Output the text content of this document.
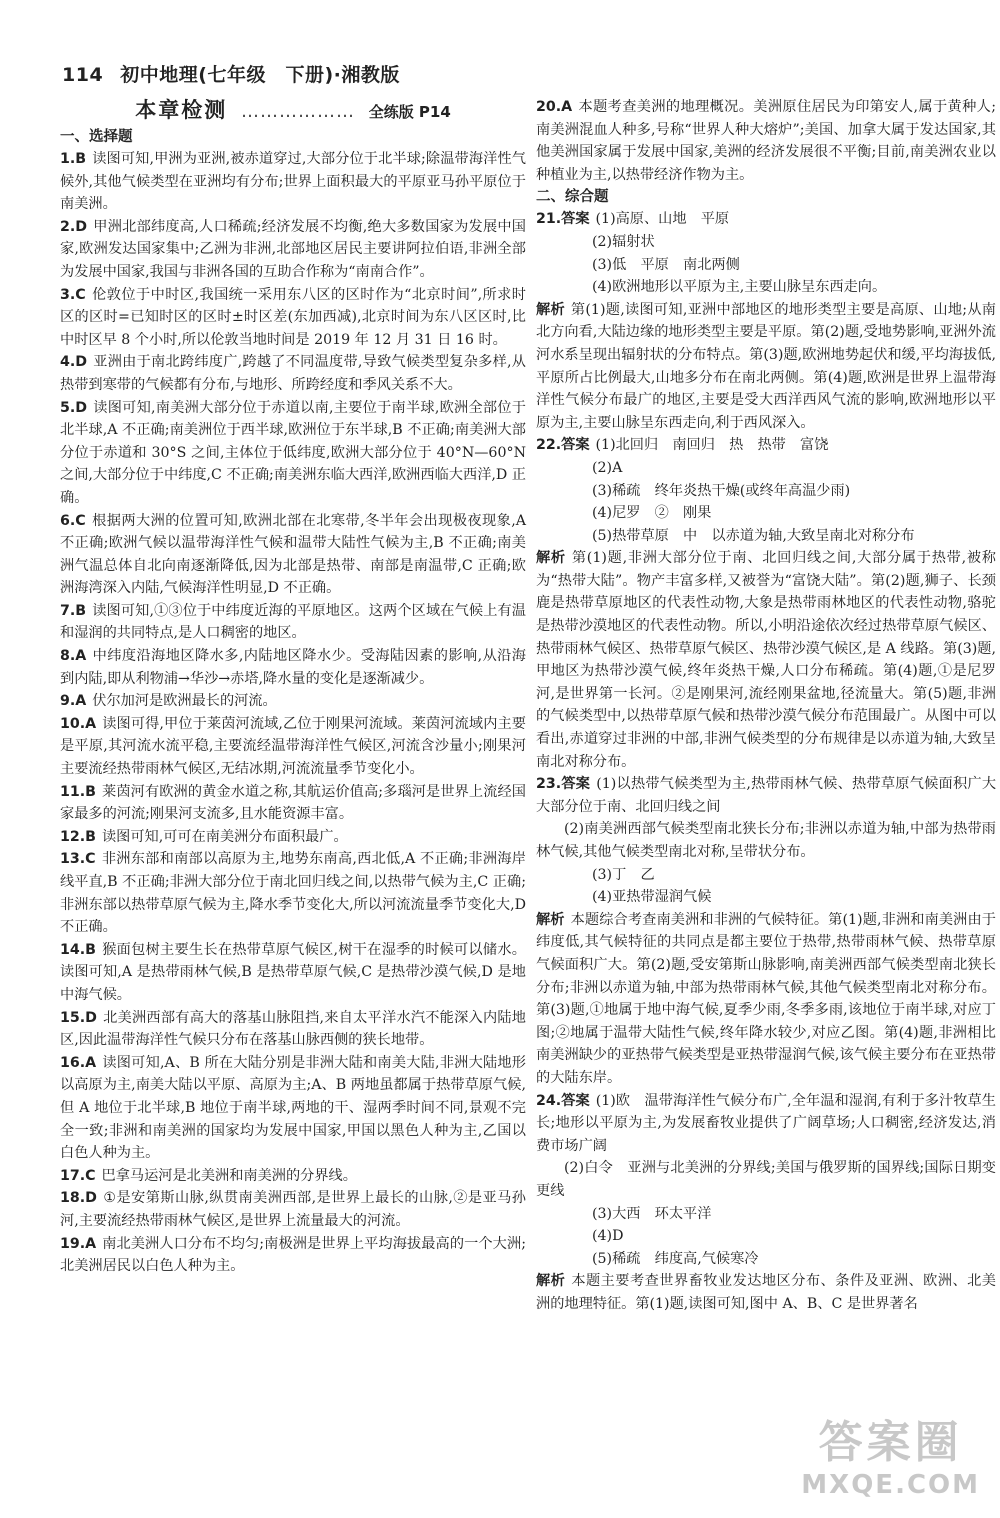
114 初中地理(七年级　下册)·湘教版
本章检测 ……………… 全练版 P14
一、选择题
1.B 读图可知,甲洲为亚洲,被赤道穿过,大部分位于北半球;除温带海洋性气候外,其他气候类型在亚洲均有分布;世界上面积最大的平原亚马孙平原位于南美洲。
2.D 甲洲北部纬度高,人口稀疏;经济发展不均衡,绝大多数国家为发展中国家,欧洲发达国家集中;乙洲为非洲,北部地区居民主要讲阿拉伯语,非洲全部为发展中国家,我国与非洲各国的互助合作称为“南南合作”。
3.C 伦敦位于中时区,我国统一采用东八区的区时作为“北京时间”,所求时区的区时=已知时区的区时±时区差(东加西减),北京时间为东八区区时,比中时区早 8 个小时,所以伦敦当地时间是 2019 年 12 月 31 日 16 时。
4.D 亚洲由于南北跨纬度广,跨越了不同温度带,导致气候类型复杂多样,从热带到寒带的气候都有分布,与地形、所跨经度和季风关系不大。
5.D 读图可知,南美洲大部分位于赤道以南,主要位于南半球,欧洲全部位于北半球,A 不正确;南美洲位于西半球,欧洲位于东半球,B 不正确;南美洲大部分位于赤道和 30°S 之间,主体位于低纬度,欧洲大部分位于 40°N—60°N 之间,大部分位于中纬度,C 不正确;南美洲东临大西洋,欧洲西临大西洋,D 正确。
6.C 根据两大洲的位置可知,欧洲北部在北寒带,冬半年会出现极夜现象,A 不正确;欧洲气候以温带海洋性气候和温带大陆性气候为主,B 不正确;南美洲气温总体自北向南逐渐降低,因为北部是热带、南部是南温带,C 正确;欧洲海湾深入内陆,气候海洋性明显,D 不正确。
7.B 读图可知,①③位于中纬度近海的平原地区。这两个区域在气候上有温和湿润的共同特点,是人口稠密的地区。
8.A 中纬度沿海地区降水多,内陆地区降水少。受海陆因素的影响,从沿海到内陆,即从利物浦→华沙→赤塔,降水量的变化是逐渐减少。
9.A 伏尔加河是欧洲最长的河流。
10.A 读图可得,甲位于莱茵河流域,乙位于刚果河流域。莱茵河流域内主要是平原,其河流水流平稳,主要流经温带海洋性气候区,河流含沙量小;刚果河主要流经热带雨林气候区,无结冰期,河流流量季节变化小。
11.B 莱茵河有欧洲的黄金水道之称,其航运价值高;多瑙河是世界上流经国家最多的河流;刚果河支流多,且水能资源丰富。
12.B 读图可知,可可在南美洲分布面积最广。
13.C 非洲东部和南部以高原为主,地势东南高,西北低,A 不正确;非洲海岸线平直,B 不正确;非洲大部分位于南北回归线之间,以热带气候为主,C 正确;非洲东部以热带草原气候为主,降水季节变化大,所以河流流量季节变化大,D 不正确。
14.B 猴面包树主要生长在热带草原气候区,树干在湿季的时候可以储水。读图可知,A 是热带雨林气候,B 是热带草原气候,C 是热带沙漠气候,D 是地中海气候。
15.D 北美洲西部有高大的落基山脉阻挡,来自太平洋水汽不能深入内陆地区,因此温带海洋性气候只分布在落基山脉西侧的狭长地带。
16.A 读图可知,A、B 所在大陆分别是非洲大陆和南美大陆,非洲大陆地形以高原为主,南美大陆以平原、高原为主;A、B 两地虽都属于热带草原气候,但 A 地位于北半球,B 地位于南半球,两地的干、湿两季时间不同,景观不完全一致;非洲和南美洲的国家均为发展中国家,甲国以黑色人种为主,乙国以白色人种为主。
17.C 巴拿马运河是北美洲和南美洲的分界线。
18.D ①是安第斯山脉,纵贯南美洲西部,是世界上最长的山脉,②是亚马孙河,主要流经热带雨林气候区,是世界上流量最大的河流。
19.A 南北美洲人口分布不均匀;南极洲是世界上平均海拔最高的一个大洲;北美洲居民以白色人种为主。
20.A 本题考查美洲的地理概况。美洲原住居民为印第安人,属于黄种人;南美洲混血人种多,号称“世界人种大熔炉”;美国、加拿大属于发达国家,其他美洲国家属于发展中国家,美洲的经济发展很不平衡;目前,南美洲农业以种植业为主,以热带经济作物为主。
二、综合题
21.答案 (1)高原、山地　平原
(2)辐射状
(3)低　平原　南北两侧
(4)欧洲地形以平原为主,主要山脉呈东西走向。
解析 第(1)题,读图可知,亚洲中部地区的地形类型主要是高原、山地;从南北方向看,大陆边缘的地形类型主要是平原。第(2)题,受地势影响,亚洲外流河水系呈现出辐射状的分布特点。第(3)题,欧洲地势起伏和缓,平均海拔低,平原所占比例最大,山地多分布在南北两侧。第(4)题,欧洲是世界上温带海洋性气候分布最广的地区,主要是受大西洋西风气流的影响,欧洲地形以平原为主,主要山脉呈东西走向,利于西风深入。
22.答案 (1)北回归　南回归　热　热带　富饶
(2)A
(3)稀疏　终年炎热干燥(或终年高温少雨)
(4)尼罗　②　刚果
(5)热带草原　中　以赤道为轴,大致呈南北对称分布
解析 第(1)题,非洲大部分位于南、北回归线之间,大部分属于热带,被称为“热带大陆”。物产丰富多样,又被誉为“富饶大陆”。第(2)题,狮子、长颈鹿是热带草原地区的代表性动物,大象是热带雨林地区的代表性动物,骆驼是热带沙漠地区的代表性动物。所以,小明沿途依次经过热带草原气候区、热带雨林气候区、热带草原气候区、热带沙漠气候区,是 A 线路。第(3)题,甲地区为热带沙漠气候,终年炎热干燥,人口分布稀疏。第(4)题,①是尼罗河,是世界第一长河。②是刚果河,流经刚果盆地,径流量大。第(5)题,非洲的气候类型中,以热带草原气候和热带沙漠气候分布范围最广。从图中可以看出,赤道穿过非洲的中部,非洲气候类型的分布规律是以赤道为轴,大致呈南北对称分布。
23.答案 (1)以热带气候类型为主,热带雨林气候、热带草原气候面积广大　大部分位于南、北回归线之间
(2)南美洲西部气候类型南北狭长分布;非洲以赤道为轴,中部为热带雨林气候,其他气候类型南北对称,呈带状分布。
(3)丁　乙
(4)亚热带湿润气候
解析 本题综合考查南美洲和非洲的气候特征。第(1)题,非洲和南美洲由于纬度低,其气候特征的共同点是都主要位于热带,热带雨林气候、热带草原气候面积广大。第(2)题,受安第斯山脉影响,南美洲西部气候类型南北狭长分布;非洲以赤道为轴,中部为热带雨林气候,其他气候类型南北对称分布。第(3)题,①地属于地中海气候,夏季少雨,冬季多雨,该地位于南半球,对应丁图;②地属于温带大陆性气候,终年降水较少,对应乙图。第(4)题,非洲相比南美洲缺少的亚热带气候类型是亚热带湿润气候,该气候主要分布在亚热带的大陆东岸。
24.答案 (1)欧　温带海洋性气候分布广,全年温和湿润,有利于多汁牧草生长;地形以平原为主,为发展畜牧业提供了广阔草场;人口稠密,经济发达,消费市场广阔
(2)白令　亚洲与北美洲的分界线;美国与俄罗斯的国界线;国际日期变更线
(3)大西　环太平洋
(4)D
(5)稀疏　纬度高,气候寒冷
解析 本题主要考查世界畜牧业发达地区分布、条件及亚洲、欧洲、北美洲的地理特征。第(1)题,读图可知,图中 A、B、C 是世界著名
答案圈
MXQE.COM
